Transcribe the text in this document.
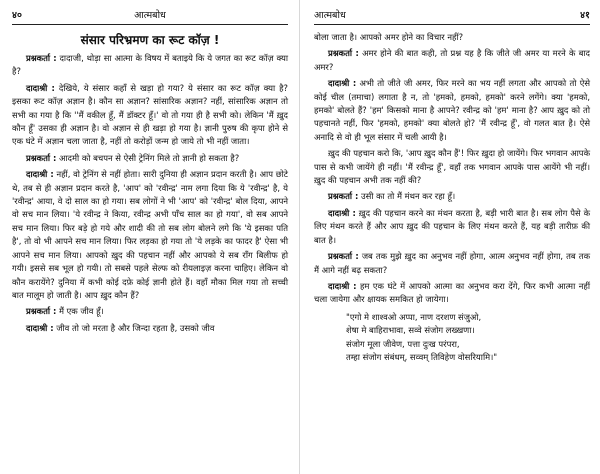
४०	आत्मबोध
संसार परिभ्रमण का रूट कॉज़ !

प्रश्नकर्ता : दादाजी, थोड़ा सा आत्मा के विषय में बताइये कि ये जगत का रूट कॉज़ क्या है?

दादाश्री : देखिये, ये संसार कहाँ से खड़ा हो गया? ये संसार का रूट कॉज़ क्या है? इसका रूट कॉज़ अज्ञान है। कौन सा अज्ञान? सांसारिक अज्ञान? नहीं, सांसारिक अज्ञान तो सभी का गया है कि ''मैं वकील हूँ, मैं डॉक्टर हूँ।' वो तो गया ही है सभी को। लेकिन 'मैं ख़ुद कौन हूँ' उसका ही अज्ञान है। वो अज्ञान से ही खड़ा हो गया है। ज्ञानी पुरुष की कृपा होने से एक घंटे में अज्ञान चला जाता है, नहीं तो करोड़ों जन्म हो जाये तो भी नहीं जाता।

प्रश्नकर्ता : आदमी को बचपन से ऐसी ट्रेनिंग मिले तो ज्ञानी हो सकता है?

दादाश्री : नहीं, वो ट्रेनिंग से नहीं होता। सारी दुनिया ही अज्ञान प्रदान करती है। आप छोटे थे, तब से ही अज्ञान प्रदान करते है, 'आप' को 'रवीन्द्र' नाम लगा दिया कि ये 'रवीन्द्र' है, ये 'रवीन्द्र' आया, वे दो साल का हो गया। सब लोगों ने भी 'आप' को 'रवीन्द्र' बोल दिया, आपने वो सच मान लिया। 'ये रवीन्द्र ने किया, रवीन्द्र अभी पाँच साल का हो गया', वो सब आपने सच मान लिया। फिर बड़े हो गये और शादी की तो सब लोग बोलने लगे कि 'ये इसका पति है', तो वो भी आपने सच मान लिया। फिर लड़का हो गया तो 'ये लड़के का फादर है' ऐसा भी आपने सच मान लिया। आपको ख़ुद की पहचान नहीं और आपको ये सब रॉंग बिलीफ हो गयी। इससे सब भूल हो गयी। तो सबसे पहले सेल्फ को रीयलाइज़ करना चाहिए। लेकिन वो कौन करायेंगे? दुनिया में कभी कोई दफ़े कोई ज्ञानी होते हैं। वहाँ मौका मिल गया तो सच्ची बात मालूम हो जाती है। आप ख़ुद कौन हैं?

प्रश्नकर्ता : मैं एक जीव हूँ।

दादाश्री : जीव तो जो मरता है और जिन्दा रहता है, उसको जीव

आत्मबोध	४१

बोला जाता है। आपको अमर होने का विचार नहीं?

प्रश्नकर्ता : अमर होने की बात कही, तो प्रश्न यह है कि जीते जी अमर या मरने के बाद अमर?

दादाश्री : अभी तो जीते जी अमर, फिर मरने का भय नहीं लगता और आपको तो ऐसे कोई चील (तमाचा) लगाता है न, तो 'हमको, हमको, हमको' करने लगेंगे। क्या 'हमको, हमको' बोलते हैं? 'हम' किसको माना है आपने? रवीन्द्र को 'हम' माना है? आप ख़ुद को तो पहचानते नहीं, फिर 'हमको, हमको' क्या बोलते हो? 'मैं रवीन्द्र हूँ', वो गलत बात है। ऐसे अनादि से वो ही भूल संसार में चली आयी है।

ख़ुद की पहचान करो कि, 'आप ख़ुद कौन हैं'! फिर ख़ुदा हो जायेंगे। फिर भगवान आपके पास से कभी जायेंगे ही नहीं। 'मैं रवीन्द्र हूँ', वहाँ तक भगवान आपके पास आयेंगे भी नहीं। ख़ुद की पहचान अभी तक नहीं की?

प्रश्नकर्ता : उसी का तो मैं मंथन कर रहा हूँ।

दादाश्री : ख़ुद की पहचान करने का मंथन करता है, बड़ी भारी बात है। सब लोग पैसे के लिए मंथन करते हैं और आप ख़ुद की पहचान के लिए मंथन करते हैं, यह बड़ी तारीफ़ की बात है।

प्रश्नकर्ता : जब तक मुझे ख़ुद का अनुभव नहीं होगा, आत्म अनुभव नहीं होगा, तब तक मैं आगे नहीं बढ़ सकता?

दादाश्री : हम एक घंटे में आपको आत्मा का अनुभव करा देंगे, फिर कभी आत्मा नहीं चला जायेगा और क्षायक समकित हो जायेगा।

"एगो मे शाश्वओ अप्पा, नाण दरशण संजुओ,
शेषा मे बाहिराभावा, सव्वे संजोग लख्खणा।
संजोग मूला जीवेण, पत्ता दुःख परंपरा,
तम्हा संजोग संबंधम्, सव्वम् तिविहेण वोसरियामि।"
